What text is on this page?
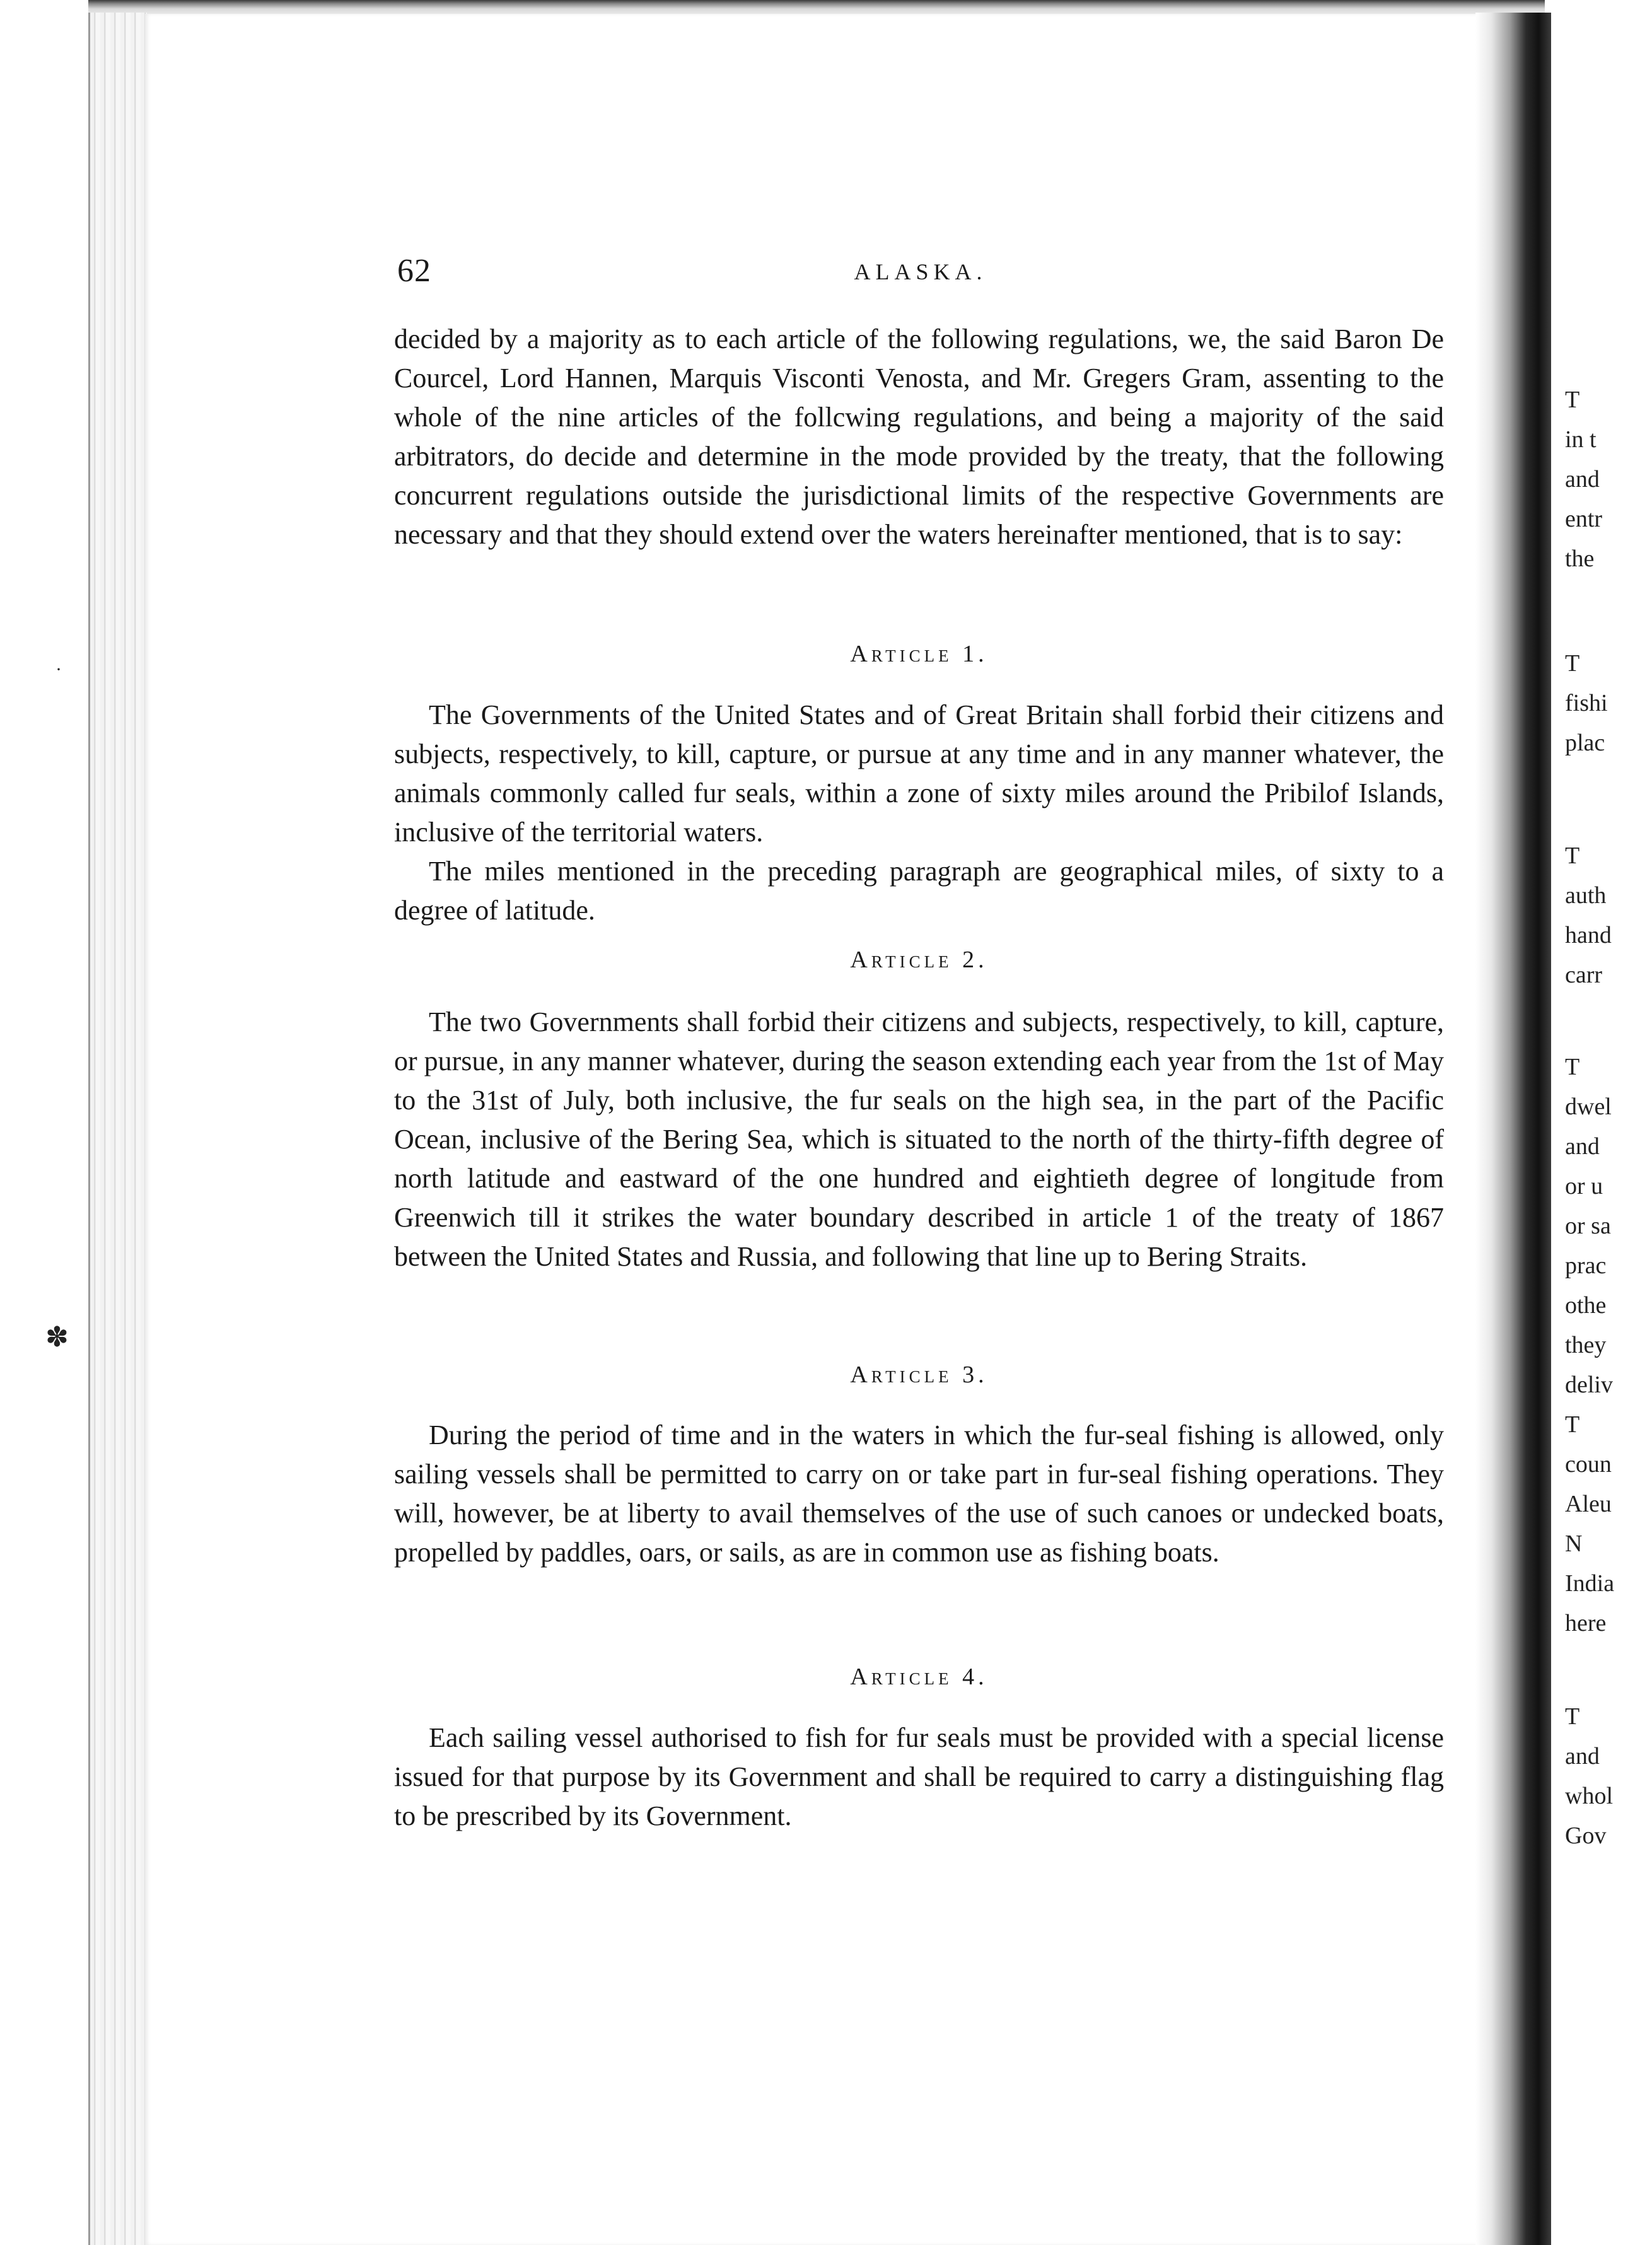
·
✽
62	ALASKA.

decided by a majority as to each article of the following regulations, we, the said Baron De Courcel, Lord Hannen, Marquis Visconti Venosta, and Mr. Gregers Gram, assenting to the whole of the nine articles of the follcwing regulations, and being a majority of the said arbitrators, do decide and determine in the mode provided by the treaty, that the following concurrent regulations outside the jurisdictional limits of the respective Governments are necessary and that they should extend over the waters hereinafter mentioned, that is to say:

Article 1.

The Governments of the United States and of Great Britain shall forbid their citizens and subjects, respectively, to kill, capture, or pursue at any time and in any manner whatever, the animals commonly called fur seals, within a zone of sixty miles around the Pribilof Islands, inclusive of the territorial waters.

The miles mentioned in the preceding paragraph are geographical miles, of sixty to a degree of latitude.

Article 2.

The two Governments shall forbid their citizens and subjects, respectively, to kill, capture, or pursue, in any manner whatever, during the season extending each year from the 1st of May to the 31st of July, both inclusive, the fur seals on the high sea, in the part of the Pacific Ocean, inclusive of the Bering Sea, which is situated to the north of the thirty-fifth degree of north latitude and eastward of the one hundred and eightieth degree of longitude from Greenwich till it strikes the water boundary described in article 1 of the treaty of 1867 between the United States and Russia, and following that line up to Bering Straits.

Article 3.

During the period of time and in the waters in which the fur-seal fishing is allowed, only sailing vessels shall be permitted to carry on or take part in fur-seal fishing operations. They will, however, be at liberty to avail themselves of the use of such canoes or undecked boats, propelled by paddles, oars, or sails, as are in common use as fishing boats.

Article 4.

Each sailing vessel authorised to fish for fur seals must be provided with a special license issued for that purpose by its Government and shall be required to carry a distinguishing flag to be prescribed by its Government.

T
in t
and
entr
the
T
fishi
plac
T
auth
hand
carr
T
dwel
and
or u
or sa
prac
othe
they
deliv
T
coun
Aleu
N
India
here
T
and
whol
Gov
